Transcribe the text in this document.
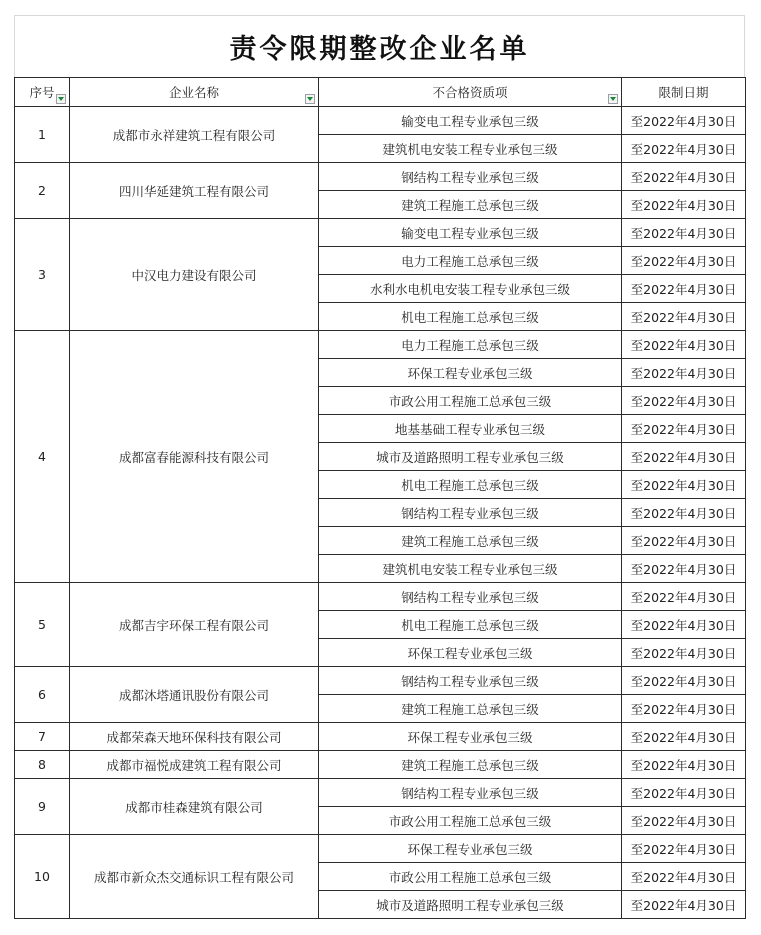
责令限期整改企业名单
序号	企业名称	不合格资质项	限制日期
1	成都市永祥建筑工程有限公司	输变电工程专业承包三级	至2022年4月30日
		建筑机电安装工程专业承包三级	至2022年4月30日
2	四川华延建筑工程有限公司	钢结构工程专业承包三级	至2022年4月30日
		建筑工程施工总承包三级	至2022年4月30日
3	中汉电力建设有限公司	输变电工程专业承包三级	至2022年4月30日
		电力工程施工总承包三级	至2022年4月30日
		水利水电机电安装工程专业承包三级	至2022年4月30日
		机电工程施工总承包三级	至2022年4月30日
4	成都富春能源科技有限公司	电力工程施工总承包三级	至2022年4月30日
		环保工程专业承包三级	至2022年4月30日
		市政公用工程施工总承包三级	至2022年4月30日
		地基基础工程专业承包三级	至2022年4月30日
		城市及道路照明工程专业承包三级	至2022年4月30日
		机电工程施工总承包三级	至2022年4月30日
		钢结构工程专业承包三级	至2022年4月30日
		建筑工程施工总承包三级	至2022年4月30日
		建筑机电安装工程专业承包三级	至2022年4月30日
5	成都吉宇环保工程有限公司	钢结构工程专业承包三级	至2022年4月30日
		机电工程施工总承包三级	至2022年4月30日
		环保工程专业承包三级	至2022年4月30日
6	成都沐塔通讯股份有限公司	钢结构工程专业承包三级	至2022年4月30日
		建筑工程施工总承包三级	至2022年4月30日
7	成都荣森天地环保科技有限公司	环保工程专业承包三级	至2022年4月30日
8	成都市福悦成建筑工程有限公司	建筑工程施工总承包三级	至2022年4月30日
9	成都市桂森建筑有限公司	钢结构工程专业承包三级	至2022年4月30日
		市政公用工程施工总承包三级	至2022年4月30日
10	成都市新众杰交通标识工程有限公司	环保工程专业承包三级	至2022年4月30日
		市政公用工程施工总承包三级	至2022年4月30日
		城市及道路照明工程专业承包三级	至2022年4月30日
